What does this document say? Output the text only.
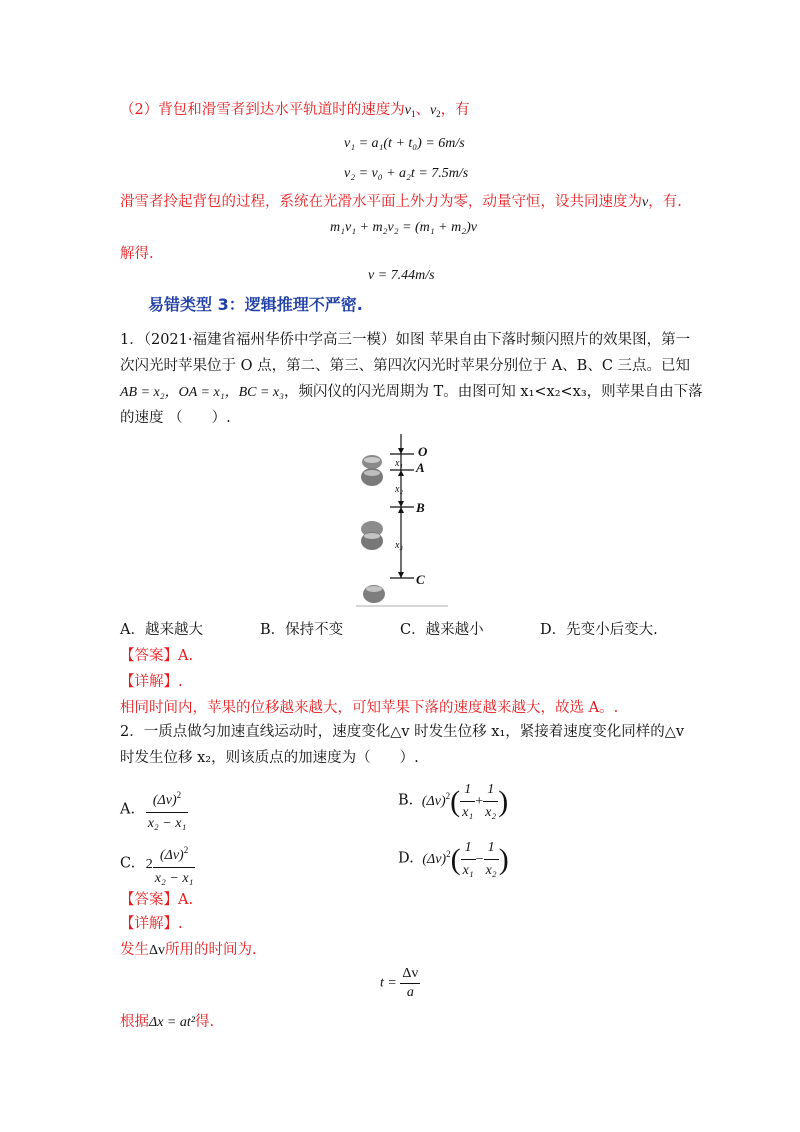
（2）背包和滑雪者到达水平轨道时的速度为$v_1$、$v_2$，有
v₁ = a₁(t + t₀) = 6m/s
v₂ = v₀ + a₂t = 7.5m/s
滑雪者拎起背包的过程，系统在光滑水平面上外力为零，动量守恒，设共同速度为v，有.
m₁v₁ + m₂v₂ = (m₁ + m₂)v
解得.
v = 7.44m/s
易错类型 3：逻辑推理不严密.
1．（2021·福建省福州华侨中学高三一模）如图 苹果自由下落时频闪照片的效果图，第一
次闪光时苹果位于 O 点，第二、第三、第四次闪光时苹果分别位于 A、B、C 三点。已知
AB = x₂，OA = x₁，BC = x₃，频闪仪的闪光周期为 T。由图可知 x₁<x₂<x₃，则苹果自由下落
的速度 （　　）.
O
A
B
C
x₁
x₂
x₃
A．越来越大	B．保持不变	C．越来越小	D．先变小后变大.
【答案】A.
【详解】.
相同时间内，苹果的位移越来越大，可知苹果下落的速度越来越大，故选 A。.
2．一质点做匀加速直线运动时，速度变化△v 时发生位移 x₁，紧接着速度变化同样的△v
时发生位移 x₂，则该质点的加速度为（　　）.
A. $\frac{(\Delta v)^2}{\text{x₂ − x₁}}$	B. $(\Delta v)^2( \frac{1}{\text{x₁}} + \frac{1}{\text{x₂}}$ )
C. $2 \frac{(\Delta v)^2}{\text{x₂ − x₁}}$	D. $(\Delta v)^2( \frac{1}{\text{x₁}} - \frac{1}{\text{x₂}}$ )
【答案】A.
【详解】.
发生Δv所用的时间为.
$t = \frac{\Delta v}{a}$
根据Δx = at²得.
